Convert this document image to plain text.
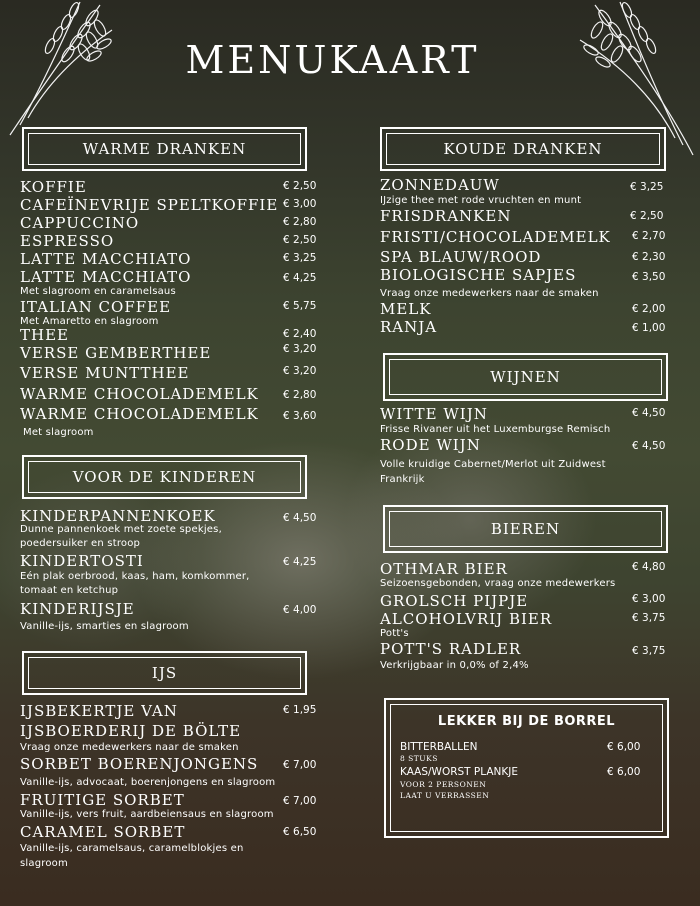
MENUKAART
WARME DRANKEN
KOFFIE	€ 2,50
CAFEÏNEVRIJE SPELTKOFFIE € 3,00
CAPPUCCINO	€ 2,80
ESPRESSO	€ 2,50
LATTE MACCHIATO	€ 3,25
LATTE MACCHIATO	€ 4,25
Met slagroom en caramelsaus
ITALIAN COFFEE	€ 5,75
Met Amaretto en slagroom
THEE	€ 2,40
VERSE GEMBERTHEE	€ 3,20
VERSE MUNTTHEE	€ 3,20
WARME CHOCOLADEMELK € 2,80
WARME CHOCOLADEMELK € 3,60
Met slagroom
VOOR DE KINDEREN
KINDERPANNENKOEK	€ 4,50
Dunne pannenkoek met zoete spekjes,
poedersuiker en stroop
KINDERTOSTI	€ 4,25
Eén plak oerbrood, kaas, ham, komkommer,
tomaat en ketchup
KINDERIJSJE	€ 4,00
Vanille-ijs, smarties en slagroom
IJS
IJSBEKERTJE VAN
IJSBOERDERIJ DE BÖLTE
€ 1,95
Vraag onze medewerkers naar de smaken
SORBET BOERENJONGENS € 7,00
Vanille-ijs, advocaat, boerenjongens en slagroom
FRUITIGE SORBET	€ 7,00
Vanille-ijs, vers fruit, aardbeiensaus en slagroom
CARAMEL SORBET	€ 6,50
Vanille-ijs, caramelsaus, caramelblokjes en
slagroom
KOUDE DRANKEN
ZONNEDAUW	€ 3,25
IJzige thee met rode vruchten en munt
FRISDRANKEN	€ 2,50
FRISTI/CHOCOLADEMELK € 2,70
SPA BLAUW/ROOD	€ 2,30
BIOLOGISCHE SAPJES	€ 3,50
Vraag onze medewerkers naar de smaken
MELK	€ 2,00
RANJA	€ 1,00
WIJNEN
WITTE WIJN	€ 4,50
Frisse Rivaner uit het Luxemburgse Remisch
RODE WIJN	€ 4,50
Volle kruidige Cabernet/Merlot uit Zuidwest
Frankrijk
BIEREN
OTHMAR BIER	€ 4,80
Seizoensgebonden, vraag onze medewerkers
GROLSCH PIJPJE	€ 3,00
ALCOHOLVRIJ BIER	€ 3,75
Pott's
POTT'S RADLER	€ 3,75
Verkrijgbaar in 0,0% of 2,4%
LEKKER BIJ DE BORREL
BITTERBALLEN	€ 6,00
8 STUKS
KAAS/WORST PLANKJE	€ 6,00
VOOR 2 PERSONEN
LAAT U VERRASSEN
